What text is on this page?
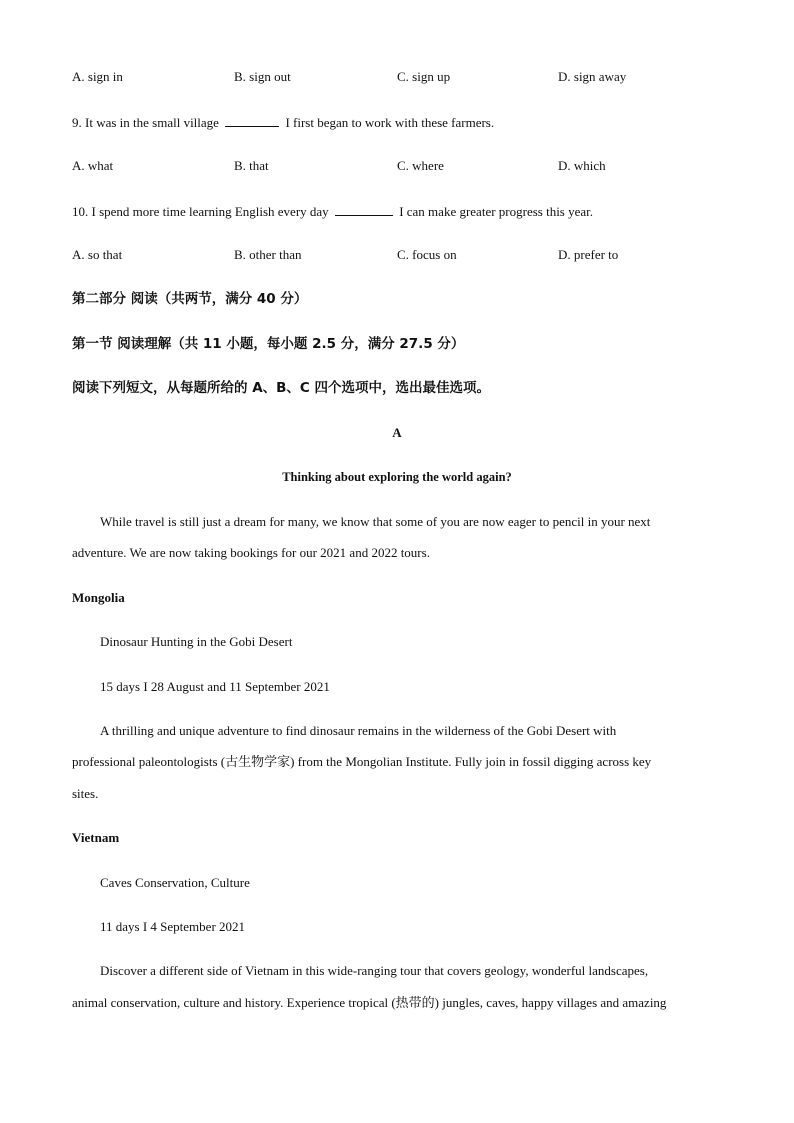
A. sign in	B. sign out	C. sign up	D. sign away
9. It was in the small village	I first began to work with these farmers.
A. what	B. that	C. where	D. which
10. I spend more time learning English every day	I can make greater progress this year.
A. so that	B. other than	C. focus on	D. prefer to
第二部分 阅读（共两节，满分 40 分）
第一节 阅读理解（共 11 小题，每小题 2.5 分，满分 27.5 分）
阅读下列短文，从每题所给的 A、B、C 四个选项中，选出最佳选项。
A
Thinking about exploring the world again?
While travel is still just a dream for many, we know that some of you are now eager to pencil in your next
adventure. We are now taking bookings for our 2021 and 2022 tours.
Mongolia
Dinosaur Hunting in the Gobi Desert
15 days I 28 August and 11 September 2021
A thrilling and unique adventure to find dinosaur remains in the wilderness of the Gobi Desert with
professional paleontologists (古生物学家) from the Mongolian Institute. Fully join in fossil digging across key
sites.
Vietnam
Caves Conservation, Culture
11 days I 4 September 2021
Discover a different side of Vietnam in this wide-ranging tour that covers geology, wonderful landscapes,
animal conservation, culture and history. Experience tropical (热带的) jungles, caves, happy villages and amazing
